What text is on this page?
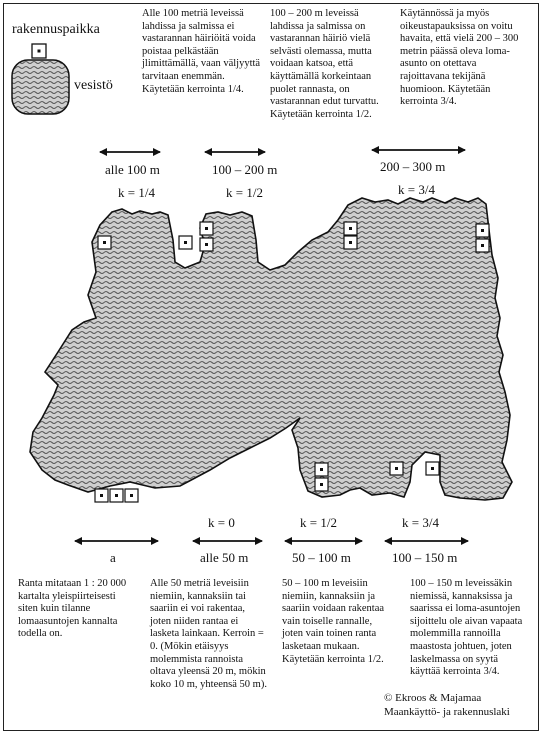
rakennuspaikka
vesistö
Alle 100 metriä leveissä lahdissa ja salmissa ei vastarannan häiriöitä voida poistaa pelkästään jlimittämällä, vaan väljyyttä tarvitaan enemmän. Käytetään kerrointa 1/4.
100 – 200 m leveissä lahdissa ja salmissa on vastarannan häiriö vielä selvästi olemassa, mutta voidaan katsoa, että käyttämällä korkeintaan puolet rannasta, on vastarannan edut turvattu. Käytetään kerrointa 1/2.
Käytännössä ja myös oikeustapauksissa on voitu havaita, että vielä 200 – 300 metrin päässä oleva loma-asunto on otettava rajoittavana tekijänä huomioon. Käytetään kerrointa 3/4.
alle 100 m	100 – 200 m	200 – 300 m
k = 1/4	k = 1/2	k = 3/4
k = 0	k = 1/2	k = 3/4
a	alle 50 m	50 – 100 m	100 – 150 m
Ranta mitataan 1 : 20 000 kartalta yleispiirteisesti siten kuin tilanne lomaasuntojen kannalta todella on.
Alle 50 metriä leveisiin niemiin, kannaksiin tai saariin ei voi rakentaa, joten niiden rantaa ei lasketa lainkaan. Kerroin = 0. (Mökin etäisyys molemmista rannoista oltava yleensä 20 m, mökin koko 10 m, yhteensä 50 m).
50 – 100 m leveisiin niemiin, kannaksiin ja saariin voidaan rakentaa vain toiselle rannalle, joten vain toinen ranta lasketaan mukaan. Käytetään kerrointa 1/2.
100 – 150 m leveissäkin niemissä, kannaksissa ja saarissa ei loma-asuntojen sijoittelu ole aivan vapaata molemmilla rannoilla maastosta johtuen, joten laskelmassa on syytä käyttää kerrointa 3/4.
© Ekroos & Majamaa
Maankäyttö- ja rakennuslaki
